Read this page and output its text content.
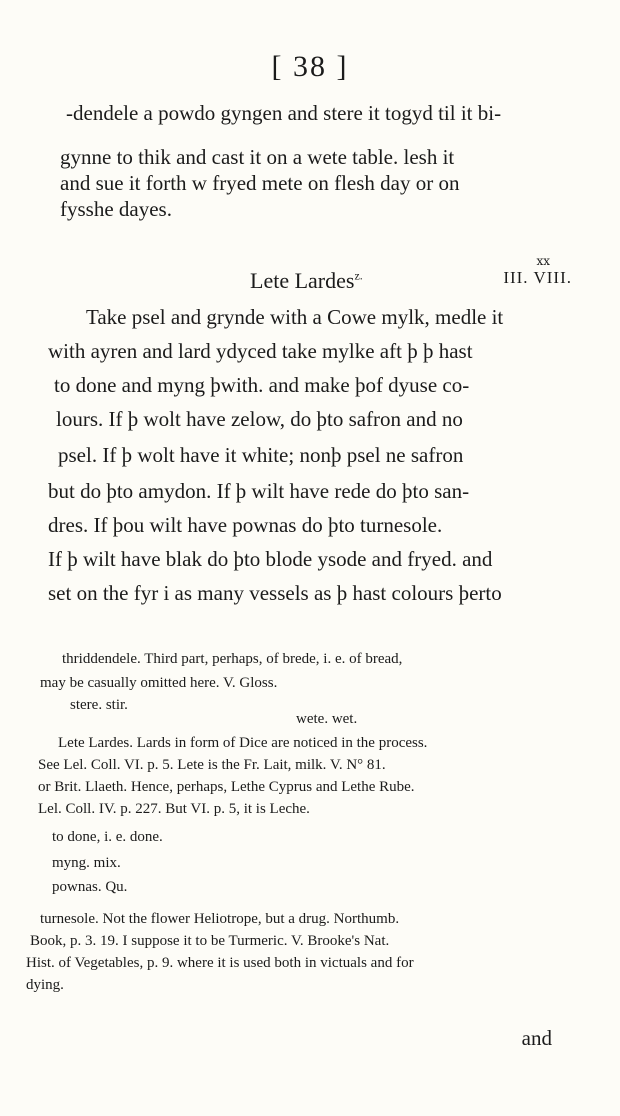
[ 38 ]
-dendele a powdo gyngen and stere it togyd til it bi-
gynne to thik and cast it on a wete table. lesh it
and sue it forth w fryed mete on flesh day or on
fysshe dayes.
Lete Lardes$^{z.}$
xx
III. VIII.
Take psel and grynde with a Cowe mylk, medle it
with ayren and lard ydyced take mylke aft þ þ hast
to done and myng þwith. and make þof dyuse co-
lours. If þ wolt have zelow, do þto safron and no
psel. If þ wolt have it white; nonþ psel ne safron
but do þto amydon. If þ wilt have rede do þto san-
dres. If þou wilt have pownas do þto turnesole.
If þ wilt have blak do þto blode ysode and fryed. and
set on the fyr i as many vessels as þ hast colours þerto
thriddendele. Third part, perhaps, of brede, i. e. of bread,
may be casually omitted here. V. Gloss.
stere. stir.
wete. wet.
Lete Lardes. Lards in form of Dice are noticed in the process.
See Lel. Coll. VI. p. 5. Lete is the Fr. Lait, milk. V. N° 81.
or Brit. Llaeth. Hence, perhaps, Lethe Cyprus and Lethe Rube.
Lel. Coll. IV. p. 227. But VI. p. 5, it is Leche.
to done, i. e. done.
myng. mix.
pownas. Qu.
turnesole. Not the flower Heliotrope, but a drug. Northumb.
Book, p. 3. 19. I suppose it to be Turmeric. V. Brooke's Nat.
Hist. of Vegetables, p. 9. where it is used both in victuals and for
dying.
and
